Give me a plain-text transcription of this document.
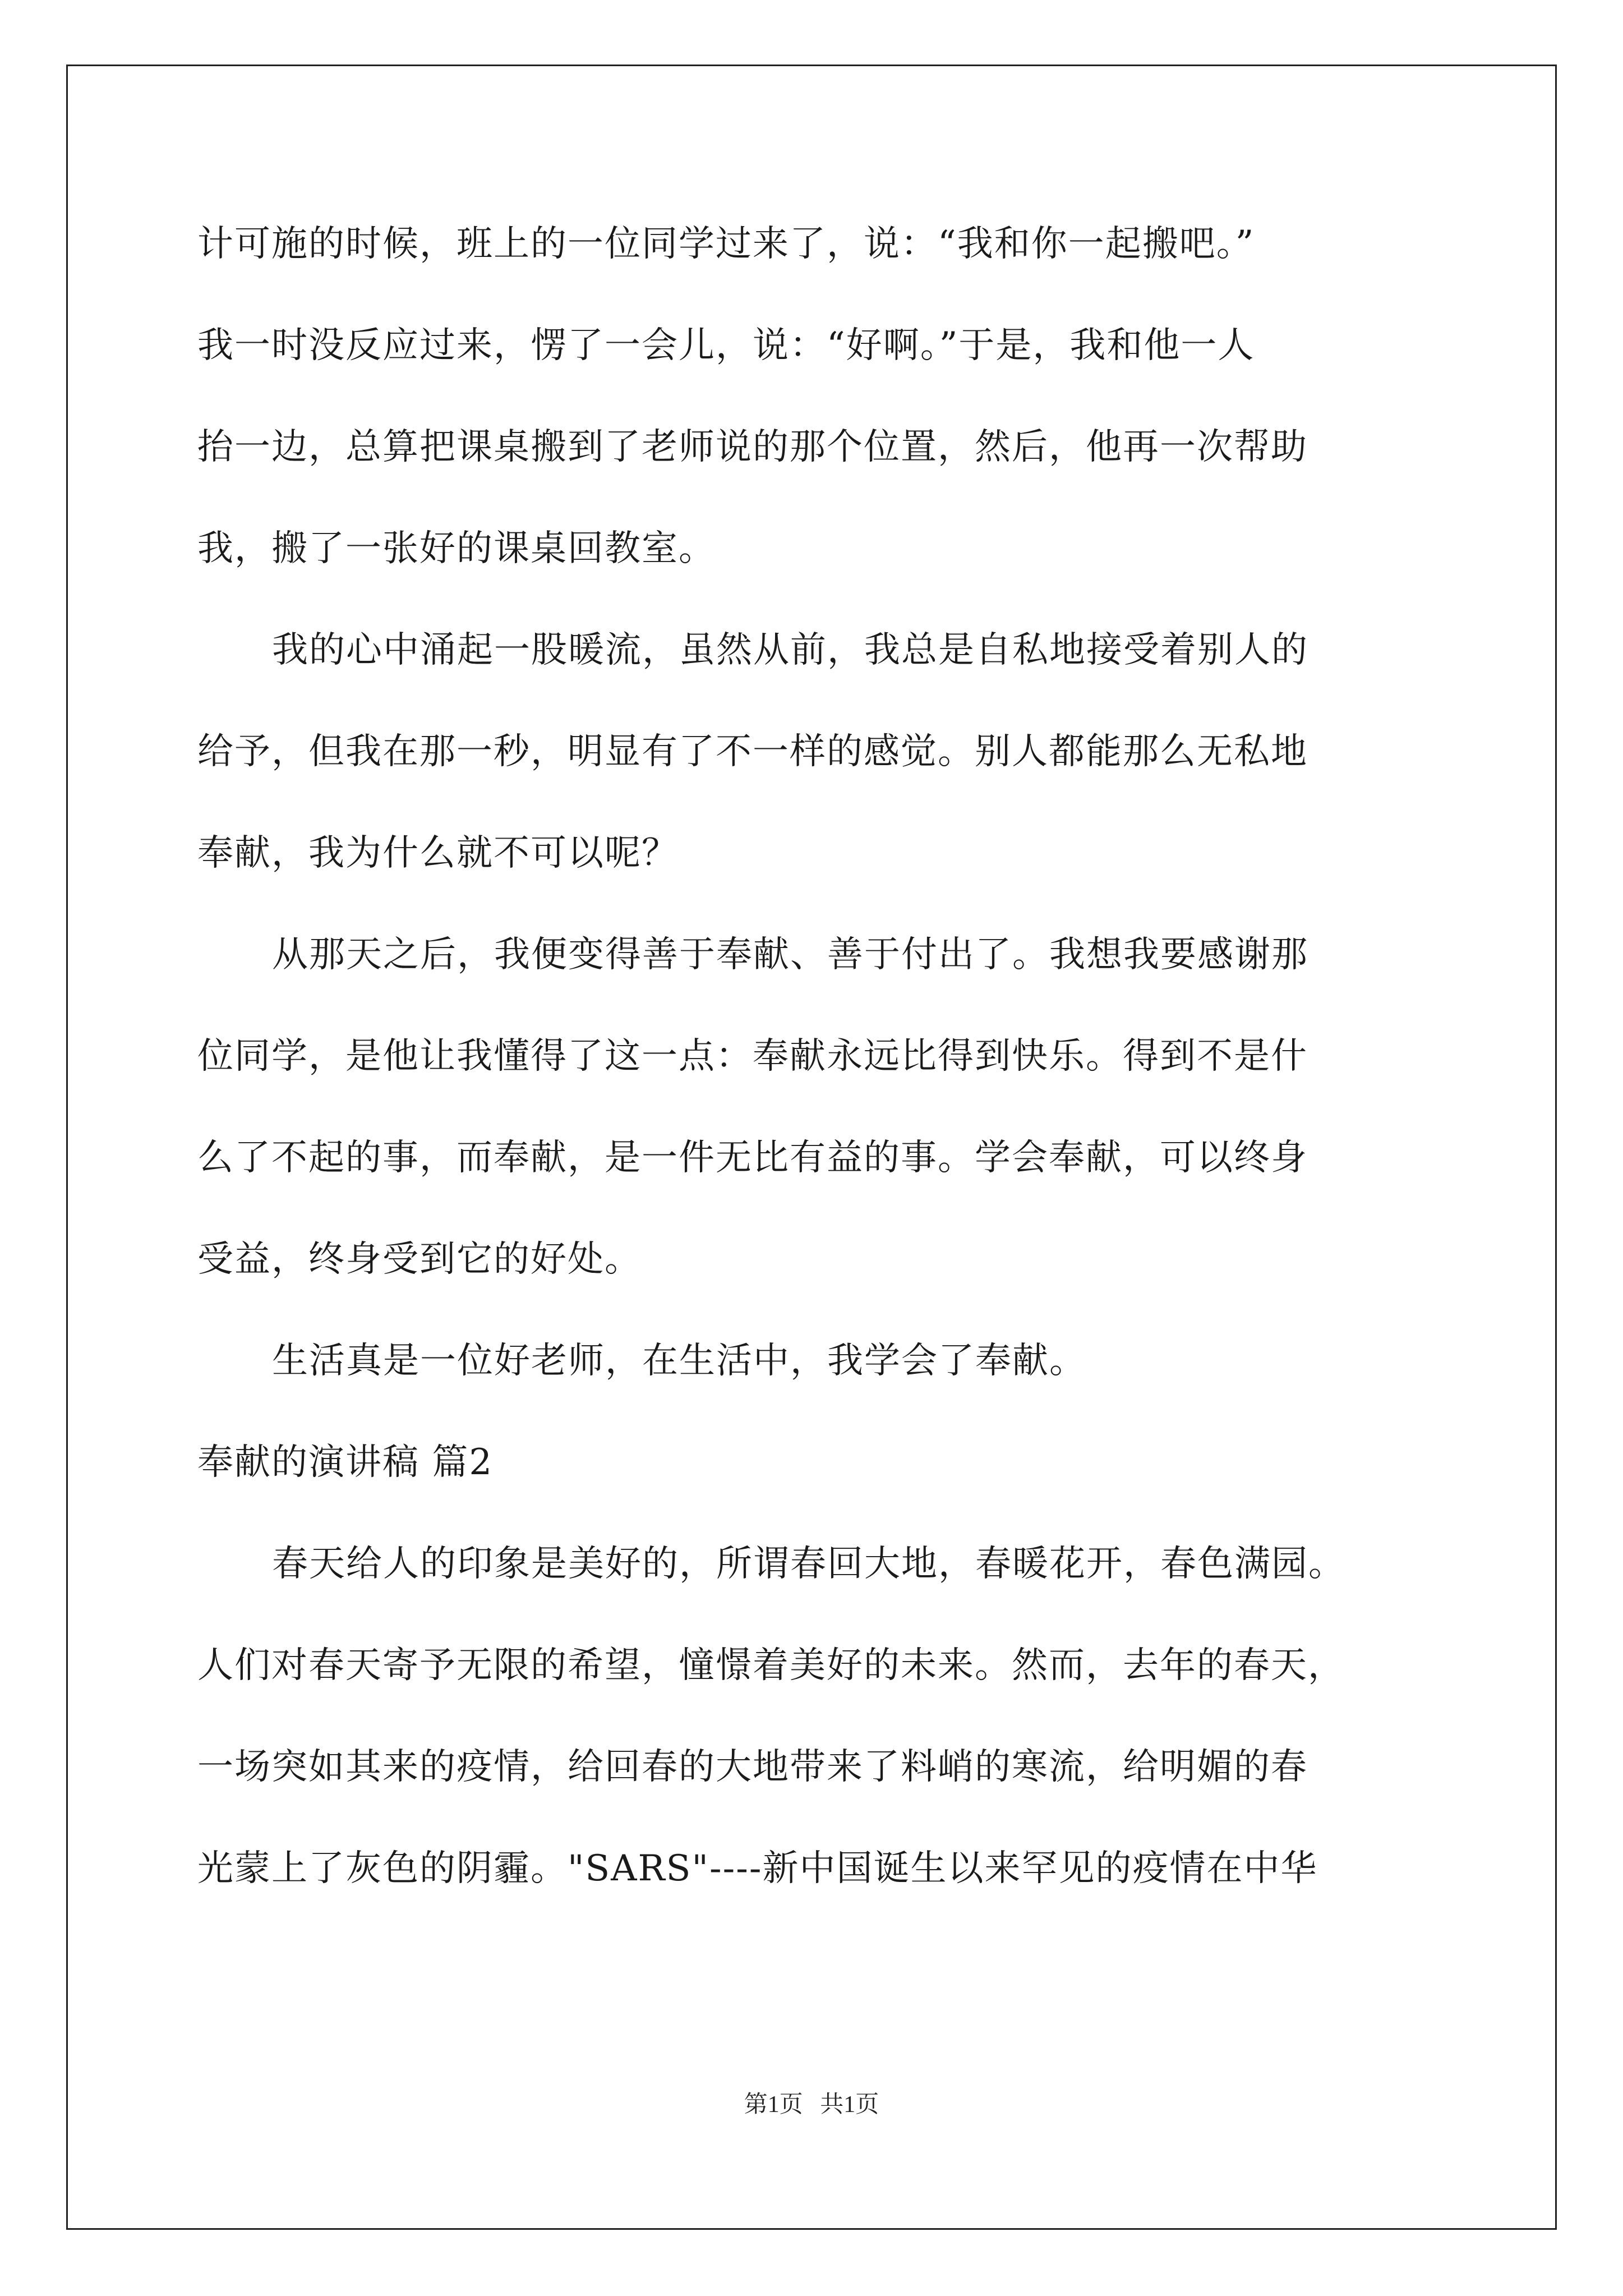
计可施的时候，班上的一位同学过来了，说：“我和你一起搬吧。”
我一时没反应过来，愣了一会儿，说：“好啊。”于是，我和他一人
抬一边，总算把课桌搬到了老师说的那个位置，然后，他再一次帮助
我，搬了一张好的课桌回教室。
我的心中涌起一股暖流，虽然从前，我总是自私地接受着别人的
给予，但我在那一秒，明显有了不一样的感觉。别人都能那么无私地
奉献，我为什么就不可以呢？
从那天之后，我便变得善于奉献、善于付出了。我想我要感谢那
位同学，是他让我懂得了这一点：奉献永远比得到快乐。得到不是什
么了不起的事，而奉献，是一件无比有益的事。学会奉献，可以终身
受益，终身受到它的好处。
生活真是一位好老师，在生活中，我学会了奉献。
奉献的演讲稿 篇2
春天给人的印象是美好的，所谓春回大地，春暖花开，春色满园。
人们对春天寄予无限的希望，憧憬着美好的未来。然而，去年的春天，
一场突如其来的疫情，给回春的大地带来了料峭的寒流，给明媚的春
光蒙上了灰色的阴霾。"SARS"----新中国诞生以来罕见的疫情在中华
第1页 共1页
